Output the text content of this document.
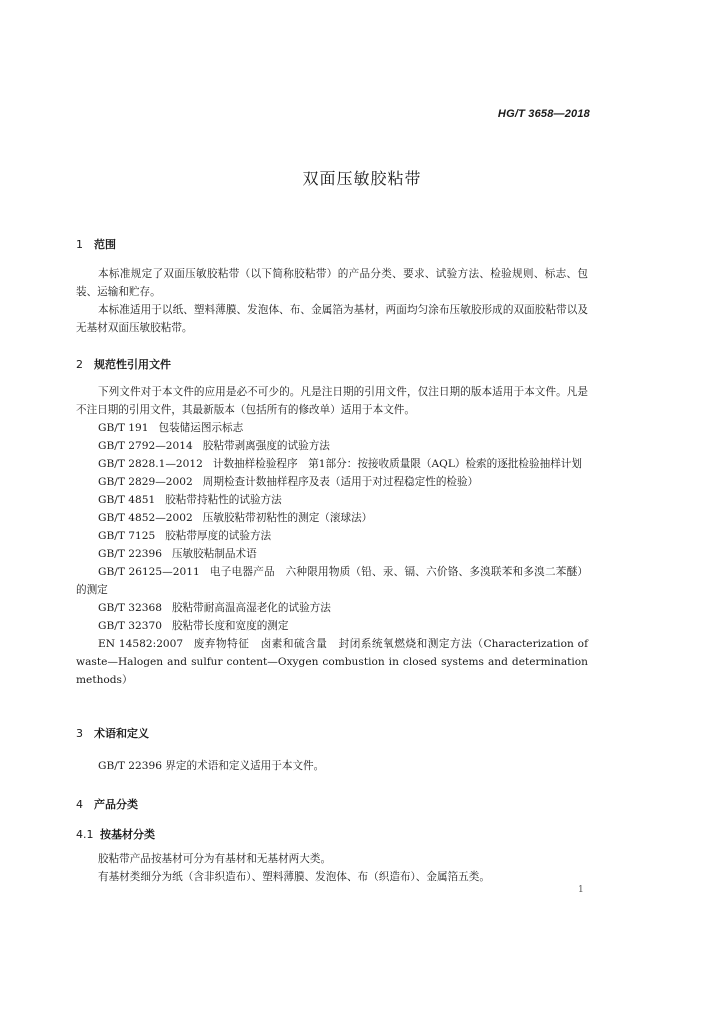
HG/T 3658—2018
双面压敏胶粘带
1 范围
本标准规定了双面压敏胶粘带（以下简称胶粘带）的产品分类、要求、试验方法、检验规则、标志、包装、运输和贮存。
本标准适用于以纸、塑料薄膜、发泡体、布、金属箔为基材，两面均匀涂布压敏胶形成的双面胶粘带以及无基材双面压敏胶粘带。
2 规范性引用文件
下列文件对于本文件的应用是必不可少的。凡是注日期的引用文件，仅注日期的版本适用于本文件。凡是不注日期的引用文件，其最新版本（包括所有的修改单）适用于本文件。

GB/T 191 包装储运图示标志

GB/T 2792—2014 胶粘带剥离强度的试验方法

GB/T 2828.1—2012 计数抽样检验程序　第1部分：按接收质量限（AQL）检索的逐批检验抽样计划

GB/T 2829—2002 周期检查计数抽样程序及表（适用于对过程稳定性的检验）

GB/T 4851 胶粘带持粘性的试验方法

GB/T 4852—2002 压敏胶粘带初粘性的测定（滚球法）

GB/T 7125 胶粘带厚度的试验方法

GB/T 22396 压敏胶粘制品术语

GB/T 26125—2011 电子电器产品　六种限用物质（铅、汞、镉、六价铬、多溴联苯和多溴二苯醚）的测定

GB/T 32368 胶粘带耐高温高湿老化的试验方法

GB/T 32370 胶粘带长度和宽度的测定

EN 14582:2007 废弃物特征　卤素和硫含量　封闭系统氧燃烧和测定方法（Characterization of waste—Halogen and sulfur content—Oxygen combustion in closed systems and determination methods）

3 术语和定义
GB/T 22396 界定的术语和定义适用于本文件。
4 产品分类
4.1 按基材分类
胶粘带产品按基材可分为有基材和无基材两大类。
有基材类细分为纸（含非织造布）、塑料薄膜、发泡体、布（织造布）、金属箔五类。
1
